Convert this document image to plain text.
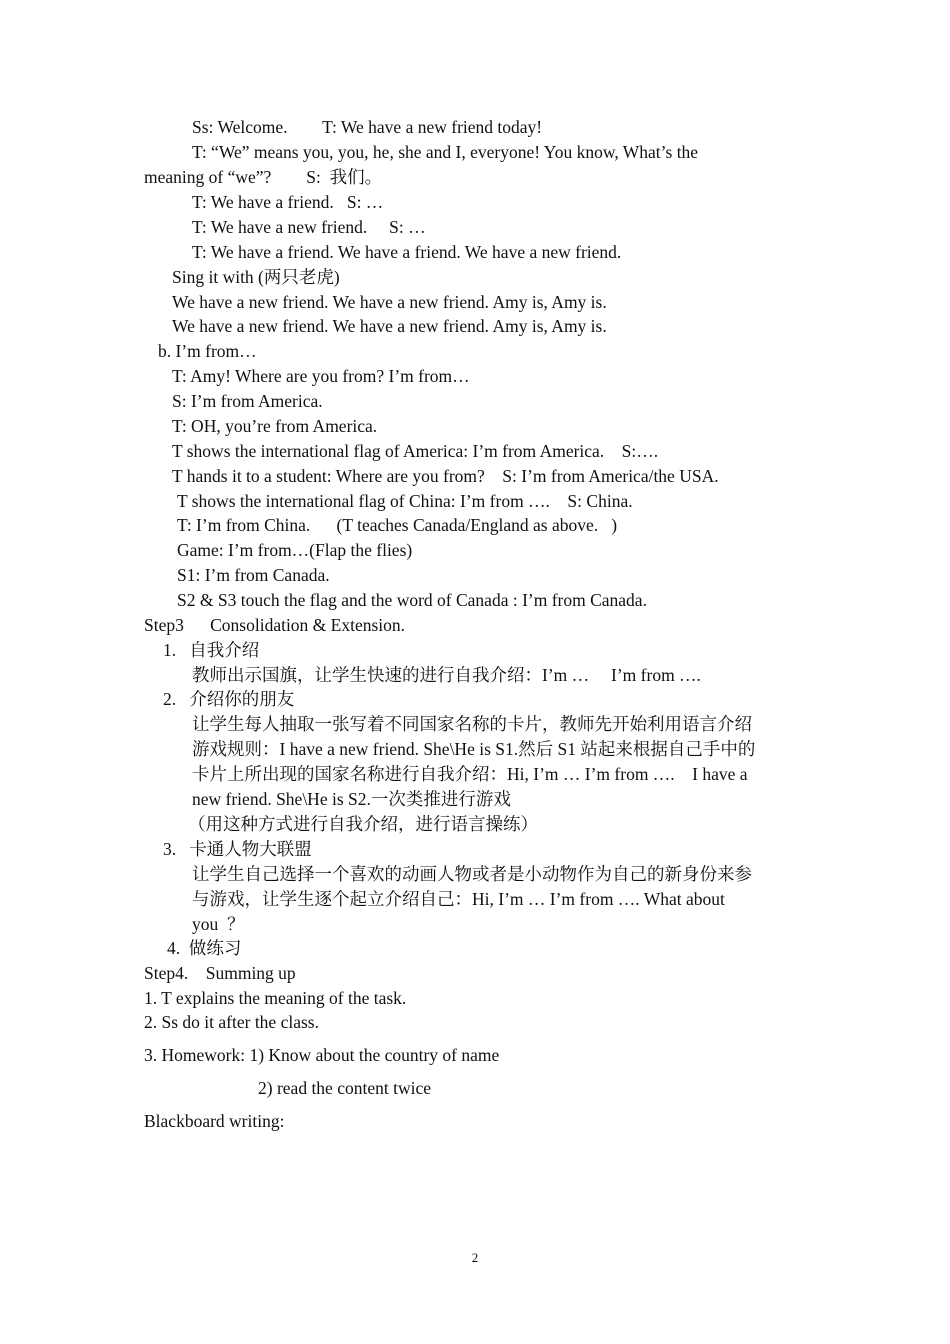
Ss: Welcome.        T: We have a new friend today!
T: “We” means you, you, he, she and I, everyone! You know, What’s the
meaning of “we”?        S:  我们。
T: We have a friend.   S: …
T: We have a new friend.     S: …
T: We have a friend. We have a friend. We have a new friend.
Sing it with (两只老虎)
We have a new friend. We have a new friend. Amy is, Amy is.
We have a new friend. We have a new friend. Amy is, Amy is.
b. I’m from…
T: Amy! Where are you from? I’m from…
S: I’m from America.
T: OH, you’re from America.
T shows the international flag of America: I’m from America.    S:….
T hands it to a student: Where are you from?    S: I’m from America/the USA.
T shows the international flag of China: I’m from ….    S: China.
T: I’m from China.      (T teaches Canada/England as above.   )
Game: I’m from…(Flap the flies)
S1: I’m from Canada.
S2 & S3 touch the flag and the word of Canada : I’m from Canada.
Step3      Consolidation & Extension.
1.   自我介绍
教师出示国旗，让学生快速的进行自我介绍：I’m …     I’m from ….
2.   介绍你的朋友
让学生每人抽取一张写着不同国家名称的卡片，教师先开始利用语言介绍
游戏规则：I have a new friend. She\He is S1.然后 S1 站起来根据自己手中的
卡片上所出现的国家名称进行自我介绍：Hi, I’m … I’m from ….    I have a
new friend. She\He is S2.一次类推进行游戏
（用这种方式进行自我介绍，进行语言操练）
3.   卡通人物大联盟
让学生自己选择一个喜欢的动画人物或者是小动物作为自己的新身份来参
与游戏，让学生逐个起立介绍自己：Hi, I’m … I’m from …. What about
you  ？
4.  做练习
Step4.    Summing up
1. T explains the meaning of the task.
2. Ss do it after the class.
3. Homework: 1) Know about the country of name
2) read the content twice
Blackboard writing:
2
